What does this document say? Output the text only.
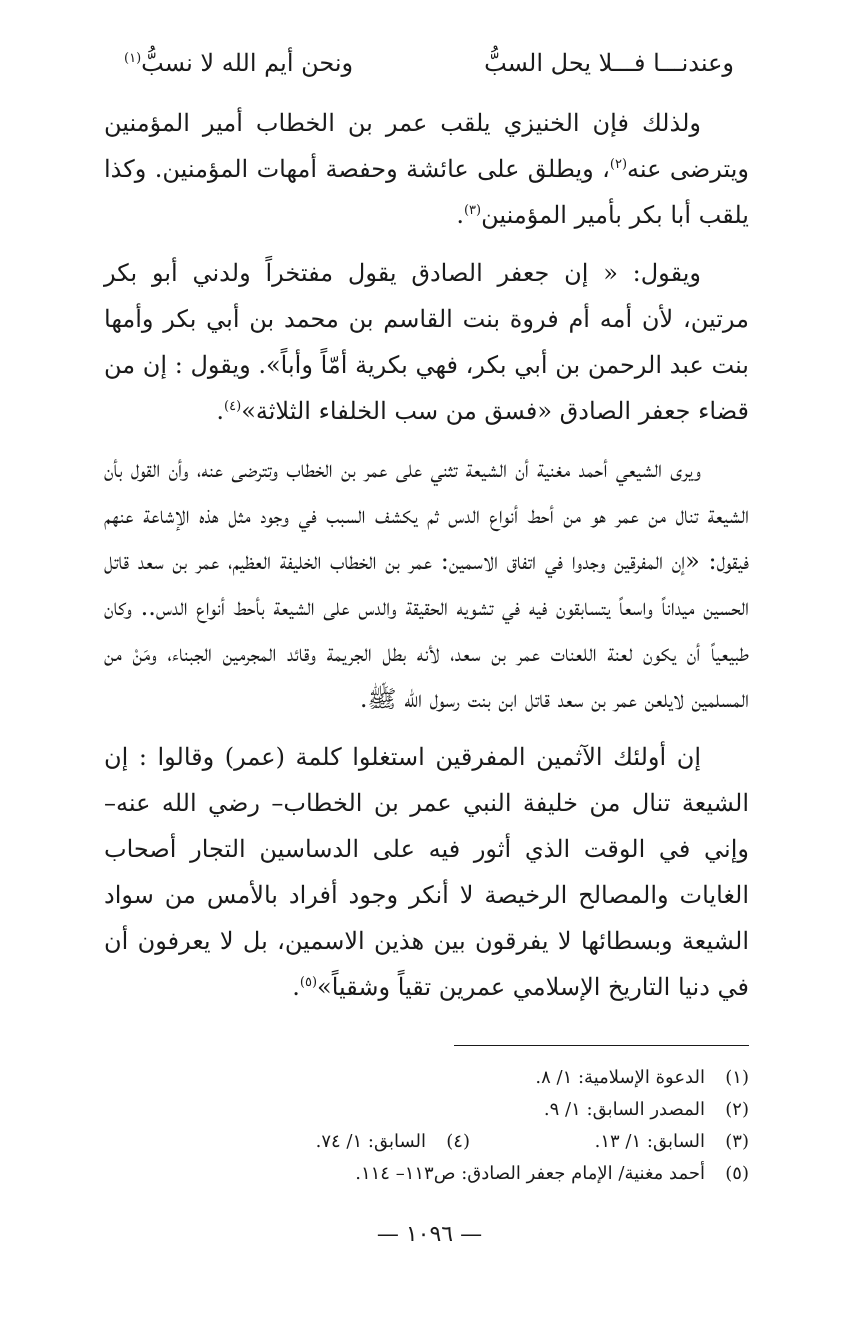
وعندنـــا فـــلا يحل السبُّ
ونحن أيم الله لا نسبُّ$^{(١)}$

ولذلك فإن الخنيزي يلقب عمر بن الخطاب أمير المؤمنين ويترضى عنه$^{(٢)}$، ويطلق على عائشة وحفصة أمهات المؤمنين. وكذا يلقب أبا بكر بأمير المؤمنين$^{(٣)}$.

ويقول: « إن جعفر الصادق يقول مفتخراً ولدني أبو بكر مرتين، لأن أمه أم فروة بنت القاسم بن محمد بن أبي بكر وأمها بنت عبد الرحمن بن أبي بكر، فهي بكرية أمّاً وأباً». ويقول : إن من قضاء جعفر الصادق «فسق من سب الخلفاء الثلاثة»$^{(٤)}$.

ويرى الشيعي أحمد مغنية أن الشيعة تثني على عمر بن الخطاب وتترضى عنه، وأن القول بأن الشيعة تنال من عمر هو من أحط أنواع الدس ثم يكشف السبب في وجود مثل هذه الإشاعة عنهم فيقول: «إن المفرقين وجدوا في اتفاق الاسمين: عمر بن الخطاب الخليفة العظيم، عمر بن سعد قاتل الحسين ميداناً واسعاً يتسابقون فيه في تشويه الحقيقة والدس على الشيعة بأحط أنواع الدس.. وكان طبيعياً أن يكون لعنة اللعنات عمر بن سعد، لأنه بطل الجريمة وقائد المجرمين الجبناء، ومَنْ من المسلمين لايلعن عمر بن سعد قاتل ابن بنت رسول الله ﷺ.

إن أولئك الآثمين المفرقين استغلوا كلمة (عمر) وقالوا : إن الشيعة تنال من خليفة النبي عمر بن الخطاب– رضي الله عنه– وإني في الوقت الذي أثور فيه على الدساسين التجار أصحاب الغايات والمصالح الرخيصة لا أنكر وجود أفراد بالأمس من سواد الشيعة وبسطائها لا يفرقون بين هذين الاسمين، بل لا يعرفون أن في دنيا التاريخ الإسلامي عمرين تقياً وشقياً»$^{(٥)}$.

(١)
الدعوة الإسلامية: ١/ ٨.
(٢)
المصدر السابق: ١/ ٩.
(٣)
السابق: ١/ ١٣.
(٤)
السابق: ١/ ٧٤.
(٥)
أحمد مغنية/ الإمام جعفر الصادق: ص١١٣– ١١٤.
— ١٠٩٦ —
